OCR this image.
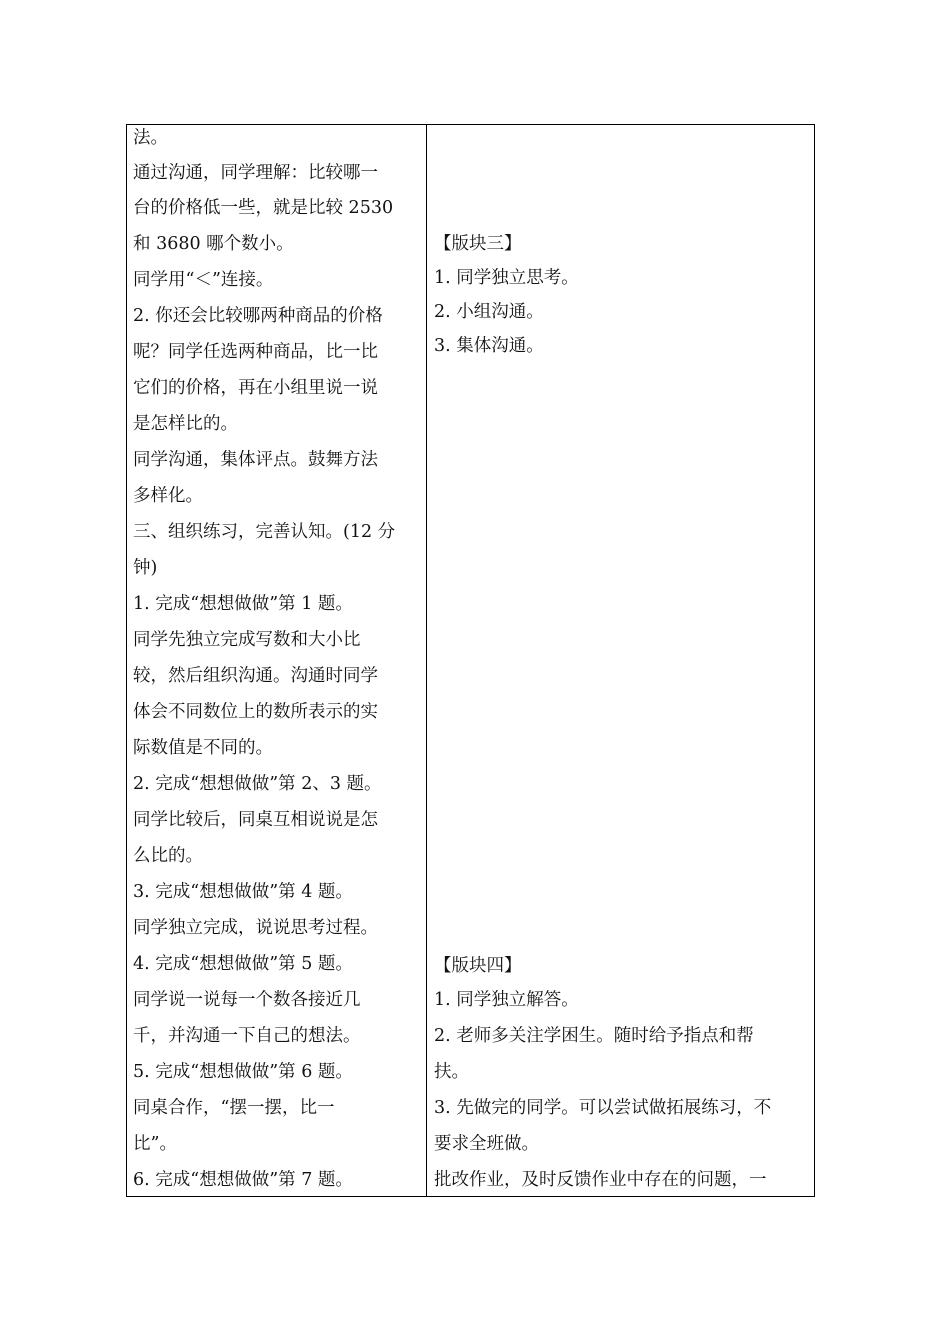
法。
通过沟通，同学理解：比较哪一
台的价格低一些，就是比较 2530
和 3680 哪个数小。
同学用“＜”连接。
2. 你还会比较哪两种商品的价格
呢？同学任选两种商品，比一比
它们的价格，再在小组里说一说
是怎样比的。
同学沟通，集体评点。鼓舞方法
多样化。
三、组织练习，完善认知。(12 分
钟)
1. 完成“想想做做”第 1 题。
同学先独立完成写数和大小比
较，然后组织沟通。沟通时同学
体会不同数位上的数所表示的实
际数值是不同的。
2. 完成“想想做做”第 2、3 题。
同学比较后，同桌互相说说是怎
么比的。
3. 完成“想想做做”第 4 题。
同学独立完成，说说思考过程。
4. 完成“想想做做”第 5 题。
同学说一说每一个数各接近几
千，并沟通一下自己的想法。
5. 完成“想想做做”第 6 题。
同桌合作，“摆一摆，比一
比”。
6. 完成“想想做做”第 7 题。
【版块三】
1. 同学独立思考。
2. 小组沟通。
3. 集体沟通。
【版块四】
1. 同学独立解答。
2. 老师多关注学困生。随时给予指点和帮
扶。
3. 先做完的同学。可以尝试做拓展练习，不
要求全班做。
批改作业，及时反馈作业中存在的问题，一
